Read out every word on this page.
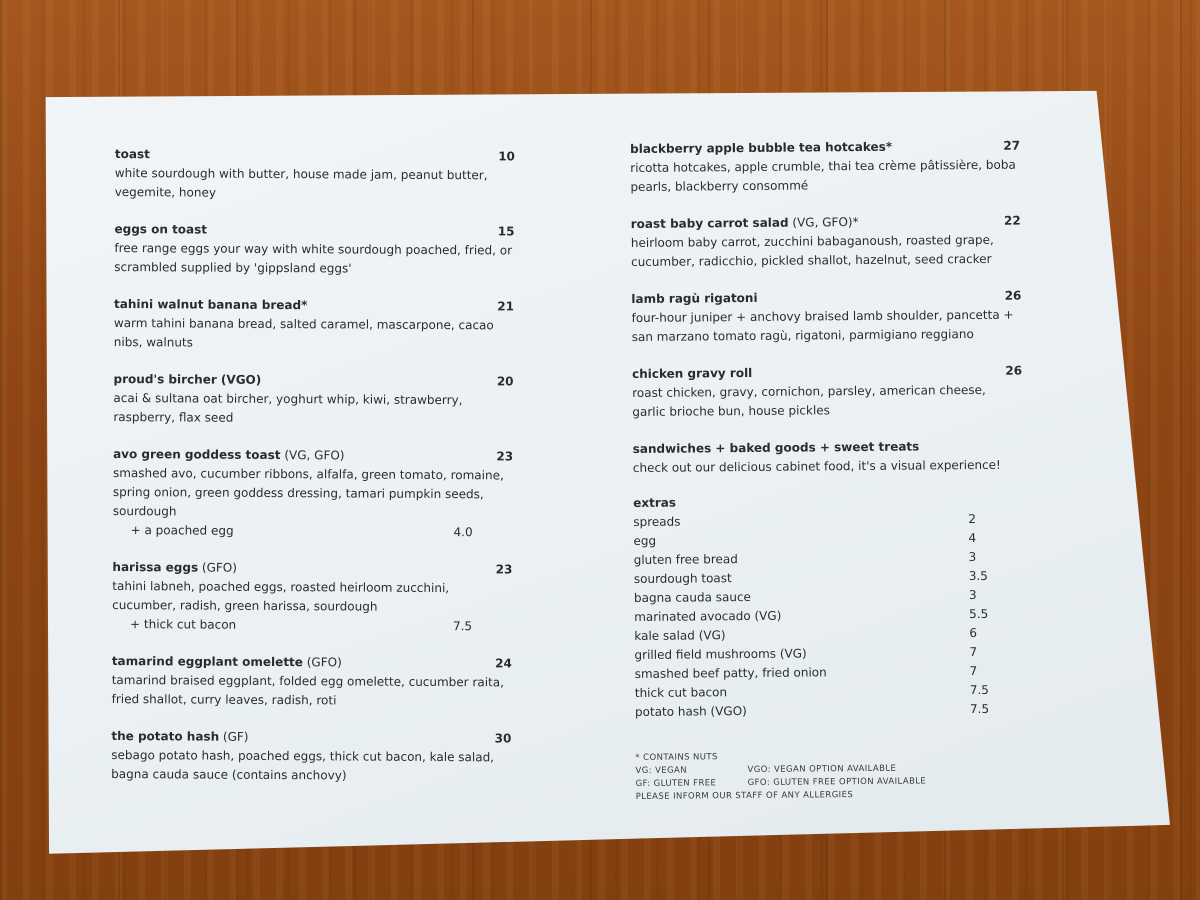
toast	10

white sourdough with butter, house made jam, peanut butter, vegemite, honey

eggs on toast	15

free range eggs your way with white sourdough poached, fried, or scrambled supplied by 'gippsland eggs'

tahini walnut banana bread*	21

warm tahini banana bread, salted caramel, mascarpone, cacao nibs, walnuts

proud's bircher (VGO)	20

acai & sultana oat bircher, yoghurt whip, kiwi, strawberry, raspberry, flax seed

avo green goddess toast (VG, GFO)	23

smashed avo, cucumber ribbons, alfalfa, green tomato, romaine, spring onion, green goddess dressing, tamari pumpkin seeds, sourdough

+ a poached egg	4.0
harissa eggs (GFO)	23

tahini labneh, poached eggs, roasted heirloom zucchini, cucumber, radish, green harissa, sourdough

+ thick cut bacon	7.5
tamarind eggplant omelette (GFO)	24

tamarind braised eggplant, folded egg omelette, cucumber raita, fried shallot, curry leaves, radish, roti

the potato hash (GF)	30

sebago potato hash, poached eggs, thick cut bacon, kale salad, bagna cauda sauce (contains anchovy)

blackberry apple bubble tea hotcakes*	27

ricotta hotcakes, apple crumble, thai tea crème pâtissière, boba pearls, blackberry consommé

roast baby carrot salad (VG, GFO)*	22

heirloom baby carrot, zucchini babaganoush, roasted grape, cucumber, radicchio, pickled shallot, hazelnut, seed cracker

lamb ragù rigatoni	26

four-hour juniper + anchovy braised lamb shoulder, pancetta + san marzano tomato ragù, rigatoni, parmigiano reggiano

chicken gravy roll	26

roast chicken, gravy, cornichon, parsley, american cheese, garlic brioche bun, house pickles

sandwiches + baked goods + sweet treats

check out our delicious cabinet food, it's a visual experience!

extras
spreads	2
egg	4
gluten free bread	3
sourdough toast	3.5
bagna cauda sauce	3
marinated avocado (VG)	5.5
kale salad (VG)	6
grilled field mushrooms (VG)	7
smashed beef patty, fried onion	7
thick cut bacon	7.5
potato hash (VGO)	7.5
* CONTAINS NUTS
VG: VEGAN	VGO: VEGAN OPTION AVAILABLE
GF: GLUTEN FREE	GFO: GLUTEN FREE OPTION AVAILABLE
PLEASE INFORM OUR STAFF OF ANY ALLERGIES
